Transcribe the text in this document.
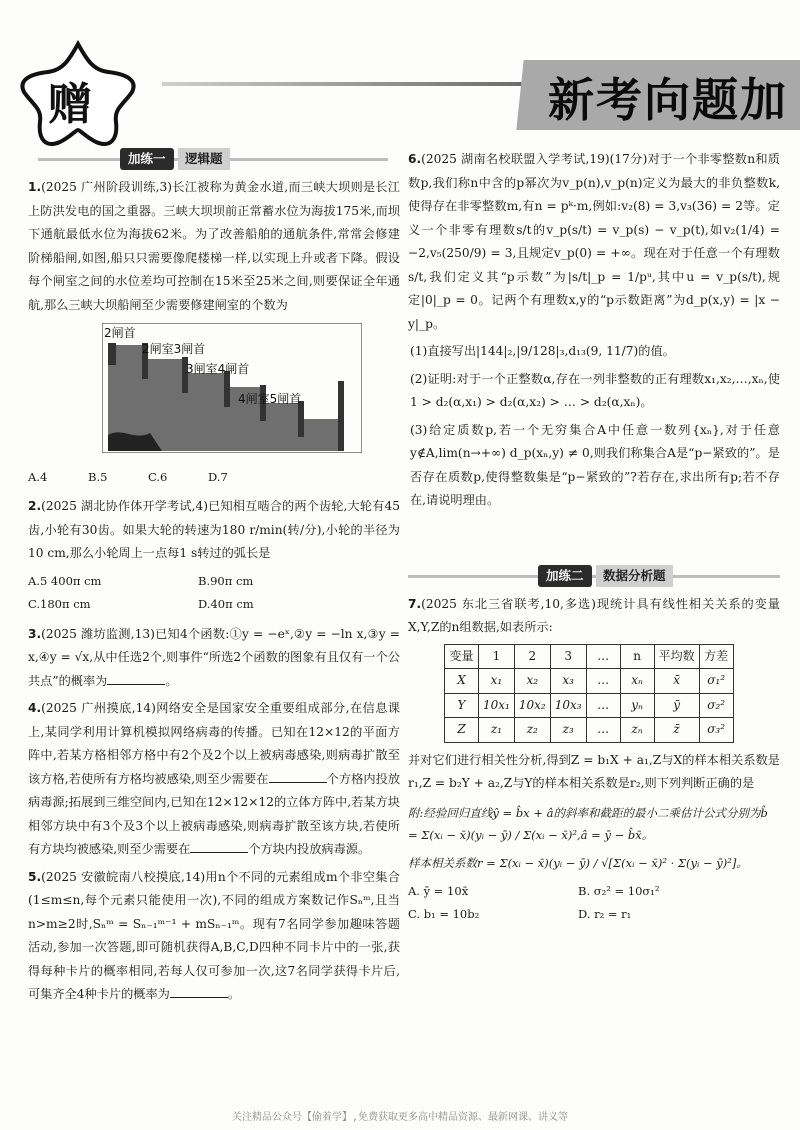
赠	新考向题加
加练一	逻辑题
1.(2025 广州阶段训练,3)长江被称为黄金水道,而三峡大坝则是长江上防洪发电的国之重器。三峡大坝坝前正常蓄水位为海拔175米,而坝下通航最低水位为海拔62米。为了改善船舶的通航条件,常常会修建阶梯船闸,如图,船只只需要像爬楼梯一样,以实现上升或者下降。假设每个闸室之间的水位差均可控制在15米至25米之间,则要保证全年通航,那么三峡大坝船闸至少需要修建闸室的个数为
2闸首
2闸室3闸首
3闸室4闸首
4闸室5闸首
A.4	B.5	C.6	D.7
2.(2025 湖北协作体开学考试,4)已知相互啮合的两个齿轮,大轮有45齿,小轮有30齿。如果大轮的转速为180 r/min(转/分),小轮的半径为10 cm,那么小轮周上一点每1 s转过的弧长是
A.5 400π cm	B.90π cm
C.180π cm	D.40π cm
3.(2025 潍坊监测,13)已知4个函数:①y = −eˣ,②y = −ln x,③y = x,④y = √x,从中任选2个,则事件“所选2个函数的图象有且仅有一个公共点”的概率为	。
4.(2025 广州摸底,14)网络安全是国家安全重要组成部分,在信息课上,某同学利用计算机模拟网络病毒的传播。已知在12×12的平面方阵中,若某方格相邻方格中有2个及2个以上被病毒感染,则病毒扩散至该方格,若使所有方格均被感染,则至少需要在	个方格内投放病毒源;拓展到三维空间内,已知在12×12×12的立体方阵中,若某方块相邻方块中有3个及3个以上被病毒感染,则病毒扩散至该方块,若使所有方块均被感染,则至少需要在	个方块内投放病毒源。
5.(2025 安徽皖南八校摸底,14)用n个不同的元素组成m个非空集合(1≤m≤n,每个元素只能使用一次),不同的组成方案数记作Sₙᵐ,且当n>m≥2时,Sₙᵐ = Sₙ₋₁ᵐ⁻¹ + mSₙ₋₁ᵐ。现有7名同学参加趣味答题活动,参加一次答题,即可随机获得A,B,C,D四种不同卡片中的一张,获得每种卡片的概率相同,若每人仅可参加一次,这7名同学获得卡片后,可集齐全4种卡片的概率为	。
6.(2025 湖南名校联盟入学考试,19)(17分)对于一个非零整数n和质数p,我们称n中含的p幂次为v_p(n),v_p(n)定义为最大的非负整数k,使得存在非零整数m,有n = pᵏ·m,例如:v₂(8) = 3,v₃(36) = 2等。定义一个非零有理数s/t的v_p(s/t) = v_p(s) − v_p(t),如v₂(1/4) = −2,v₅(250/9) = 3,且规定v_p(0) = +∞。现在对于任意一个有理数s/t,我们定义其“p示数”为|s/t|_p = 1/pᵘ,其中u = v_p(s/t),规定|0|_p = 0。记两个有理数x,y的“p示数距离”为d_p(x,y) = |x − y|_p。
(1)直接写出|144|₂,|9/128|₃,d₁₃(9, 11/7)的值。
(2)证明:对于一个正整数α,存在一列非整数的正有理数x₁,x₂,…,xₙ,使1 > d₂(α,x₁) > d₂(α,x₂) > … > d₂(α,xₙ)。
(3)给定质数p,若一个无穷集合A中任意一数列{xₙ},对于任意y∉A,lim(n→+∞) d_p(xₙ,y) ≠ 0,则我们称集合A是“p−紧致的”。是否存在质数p,使得整数集是“p−紧致的”?若存在,求出所有p;若不存在,请说明理由。
加练二	数据分析题
7.(2025 东北三省联考,10,多选)现统计具有线性相关关系的变量X,Y,Z的n组数据,如表所示:
变量	1	2	3	…	n	平均数	方差
X	x₁	x₂	x₃	…	xₙ	x̄	σ₁²
Y	10x₁	10x₂	10x₃	…	yₙ	ȳ	σ₂²
Z	z₁	z₂	z₃	…	zₙ	z̄	σ₃²
并对它们进行相关性分析,得到Z = b₁X + a₁,Z与X的样本相关系数是r₁,Z = b₂Y + a₂,Z与Y的样本相关系数是r₂,则下列判断正确的是
附:经验回归直线ŷ = b̂x + â的斜率和截距的最小二乘估计公式分别为b̂ = Σ(xᵢ − x̄)(yᵢ − ȳ) / Σ(xᵢ − x̄)²,â = ȳ − b̂x̄。
样本相关系数r = Σ(xᵢ − x̄)(yᵢ − ȳ) / √[Σ(xᵢ − x̄)² · Σ(yᵢ − ȳ)²]。
A. ȳ = 10x̄	B. σ₂² = 10σ₁²
C. b₁ = 10b₂	D. r₂ = r₁
关注精品公众号【偷着学】,免费获取更多高中精品资源、最新网课、讲义等
